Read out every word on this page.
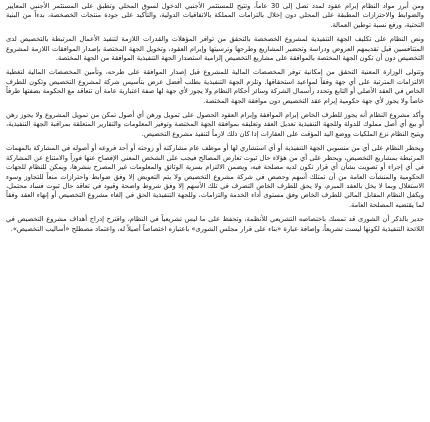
ومن أبرز مواد النظام إبرام عقود لمدد تصل إلى 30 عاماً، وتتيح للمستثمر الأجنبي الدخول لسوق المحلي وتطبق على المستثمر الأجنبي المعايير والضوابط والاحترازات المطبقة على المحلي دون إخلال بالتزامات المملكة بالاتفاقيات الدولية، والتأكيد على جودة منتجات الخصخصة، بدءاً من البنية التحتية، ورفع نسبة توطين العمالة.

ونص النظام على تكليف الجهة التنفيذية لمشروع الخصخصة بالتحقق من توافر المؤهلات والقدرات اللازمة لتنفيذ الأعمال المرتبطة بالتخصيص لدى المتنافسين قبل تقديمهم العروض ودراسة وتحضير المشاريع وطرحها وترسيتها وإبرام العقود، وتخويل الجهة المختصة بإصدار الموافقات اللازمة لمشروع التخصيص دون أن تكون الجهة المختصة بالموافقة على مشاريع التخصيص إلزامية استصدار الجهة التنفيذية الموافقة من الجهة المختصة.

وتتولى الوزارة المعنية التحقق من إمكانية توفر المخصصات المالية للمشروع قبل إصدار الموافقة على طرحه، وتأمين المخصصات المالية لتغطية الالتزامات المترتبة على أي جهة وفقاً لمواعيد استحقاقها. وتلزم الجهة التنفيذية بطلب أفضل عرض بتأسيس شركة لمشروع التخصيص وتكون للطرف الخاص في العقد الأصلي أو التابع وتحدد رأسمال الشركة وسائر أحكام النظام ولا يجوز لأي جهة لها صفة اعتبارية عامة أن تتعاقد مع الحكومة بصفتها طرفاً خاصاً ولا يجوز لأي جهة حكومية إبرام عقد التخصيص دون موافقة الجهة المختصة.

وأكد مشروع النظام أنه يجوز للطرف الخاص إبرام الموافقة وإبرام العقود الحصول على تمويل ورهن أي أصول تمكن من تمويل المشروع ولا يجوز رهن أو بيع أي أصل مملوك للدولة وللجهة التنفيذية تعديل العقد وتعليقه بموافقة الجهة المختصة وتوفير المعلومات والتقارير المتعلقة بمراقبة الجهة التنفيذية، ويتيح النظام نزع الملكيات ووضع اليد المؤقت على العقارات إذا كان ذلك لازماً لتنفيذ مشروع التخصيص.

ويحظر النظام على أي من منسوبي الجهة التنفيذية أو أي استشاري لها أو موظف عام مشاركته أو زوجته أو أحد فروعه أو أصوله في المشاركة بالمهمات المرتبطة بمشاريع التخصيص، ويحظر على أي من هؤلاء حال ثبوت تعارض المصالح فيجب على الشخص المعني الإفصاح عنها فوراً والامتناع عن المشاركة في أي إجراء أو تصويت بشأن أي قرار تكون لديه مصلحة فيه، ويضمن الالتزام بسرية الوثائق والمعلومات غير المصرح بنشرها، ويمكن للنظام للجهات الحكومية والمنشآت العامة من أن تمتلك أسهم وحصص في شركة مشروع التخصيص ولا يتم التعويض إلا وفق ضوابط واحترازات منعاً للتجاوز وسوء الاستغلال وبما لا يخل بالعقد المبرم، ولا يحق للطرف الخاص التصرف في تلك الأسهم إلا وفق شروط واضحة وقيود في تعاقد حال ثبوت فساد محتمل، ويكفل النظام المقابل المالي للطرف الخاص وفق مستوى أداء الخدمة والتزامات، وللجهة التنفيذية الحق في إلغاء مشروع التخصيص أو إنهاء العقد وفقاً لما يقتضيه المصلحة العامة.

جدير بالذكر أن الشورى قد تمسك باختصاصه التشريعي للأنظمة، وتحفظ على ما ليس تشريعياً في النظام، واقترح إدراج أهداف مشروع التخصيص في اللائحة التنفيذية لكونها ليست تشريعاً، وإضافة عبارة «بناء على قرار مجلس الشورى» باعتباره اختصاصاً أصيلاً له، واعتماد مصطلح «أساليب التخصيص».
